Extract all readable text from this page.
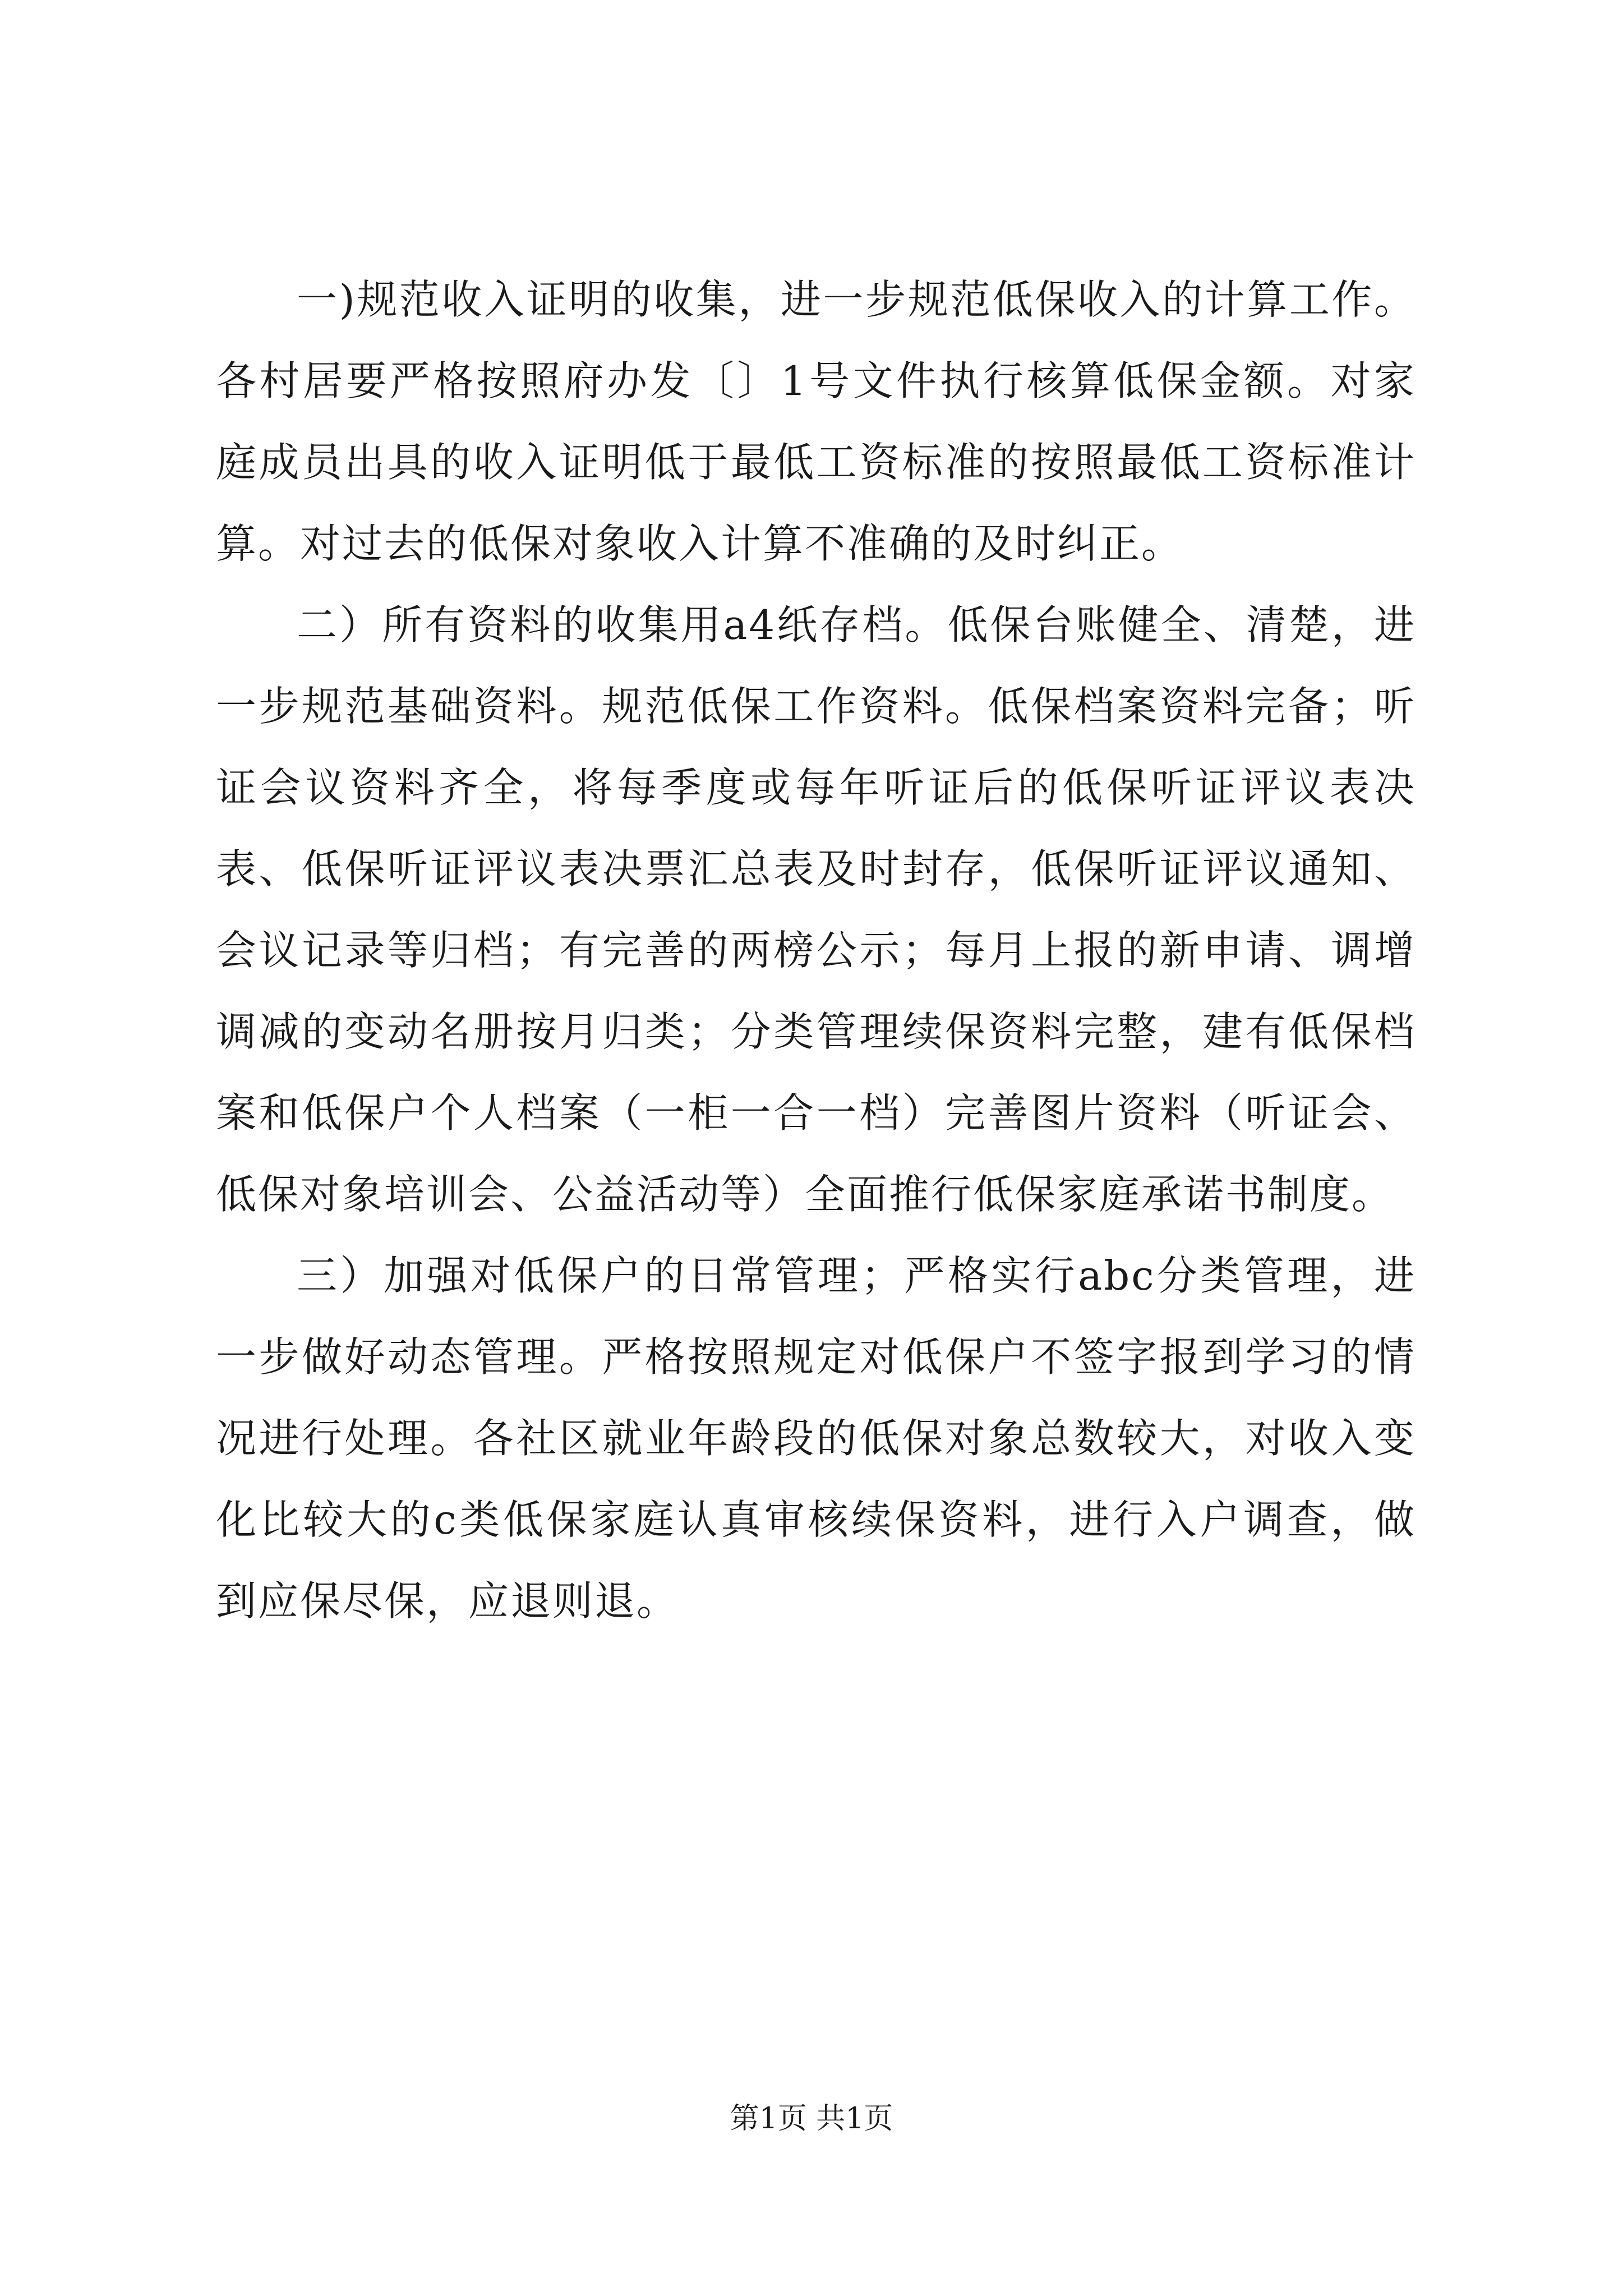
一)规范收入证明的收集，进一步规范低保收入的计算工作。各村居要严格按照府办发〔〕1号文件执行核算低保金额。对家庭成员出具的收入证明低于最低工资标准的按照最低工资标准计算。对过去的低保对象收入计算不准确的及时纠正。

二）所有资料的收集用a4纸存档。低保台账健全、清楚，进一步规范基础资料。规范低保工作资料。低保档案资料完备；听证会议资料齐全，将每季度或每年听证后的低保听证评议表决表、低保听证评议表决票汇总表及时封存，低保听证评议通知、会议记录等归档；有完善的两榜公示；每月上报的新申请、调增调减的变动名册按月归类；分类管理续保资料完整，建有低保档案和低保户个人档案（一柜一合一档）完善图片资料（听证会、低保对象培训会、公益活动等）全面推行低保家庭承诺书制度。

三）加强对低保户的日常管理；严格实行abc分类管理，进一步做好动态管理。严格按照规定对低保户不签字报到学习的情况进行处理。各社区就业年龄段的低保对象总数较大，对收入变化比较大的c类低保家庭认真审核续保资料，进行入户调查，做到应保尽保，应退则退。

第1页 共1页
